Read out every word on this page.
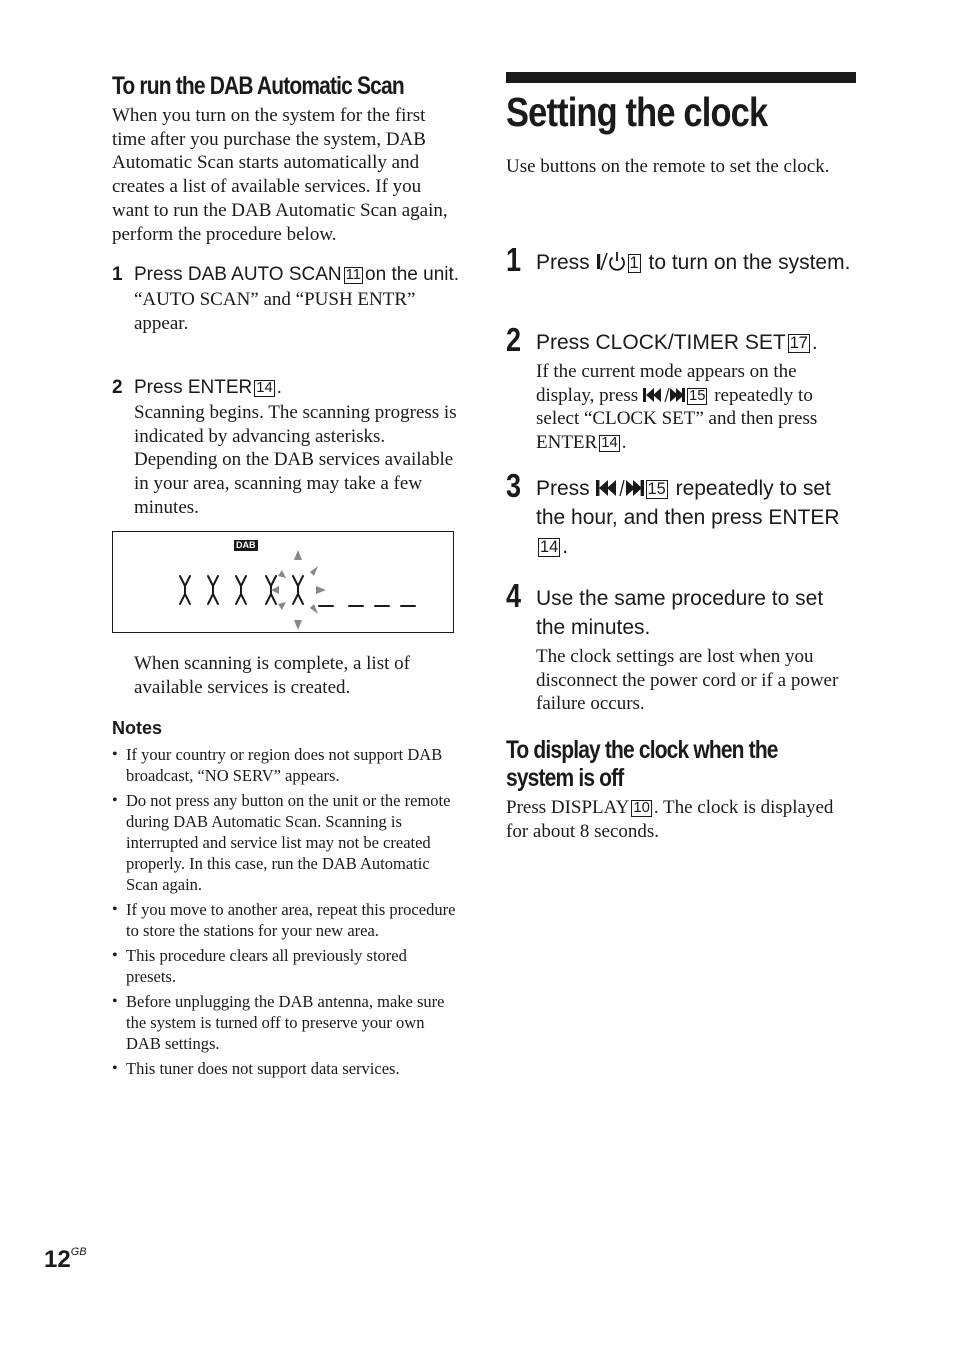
To run the DAB Automatic Scan

When you turn on the system for the first time after you purchase the system, DAB Automatic Scan starts automatically and creates a list of available services. If you want to run the DAB Automatic Scan again, perform the procedure below.

1 Press DAB AUTO SCAN 11 on the unit.
“AUTO SCAN” and “PUSH ENTR” appear.
2 Press ENTER 14 .
Scanning begins. The scanning progress is indicated by advancing asterisks. Depending on the DAB services available in your area, scanning may take a few minutes.
DAB

When scanning is complete, a list of available services is created.

Notes
• If your country or region does not support DAB broadcast, “NO SERV” appears.
• Do not press any button on the unit or the remote during DAB Automatic Scan. Scanning is interrupted and service list may not be created properly. In this case, run the DAB Automatic Scan again.
• If you move to another area, repeat this procedure to store the stations for your new area.
• This procedure clears all previously stored presets.
• Before unplugging the DAB antenna, make sure the system is turned off to preserve your own DAB settings.
• This tuner does not support data services.
Setting the clock

Use buttons on the remote to set the clock.

1 Press 1 to turn on the system.
2 Press CLOCK/TIMER SET 17 .
If the current mode appears on the display, press	15 repeatedly to select “CLOCK SET” and then press ENTER 14 .
3 Press	15 repeatedly to set the hour, and then press ENTER14 .
4 Use the same procedure to set the minutes.
The clock settings are lost when you disconnect the power cord or if a power failure occurs.
To display the clock when the system is off

Press DISPLAY 10 . The clock is displayed for about 8 seconds.

$12^{GB}$
